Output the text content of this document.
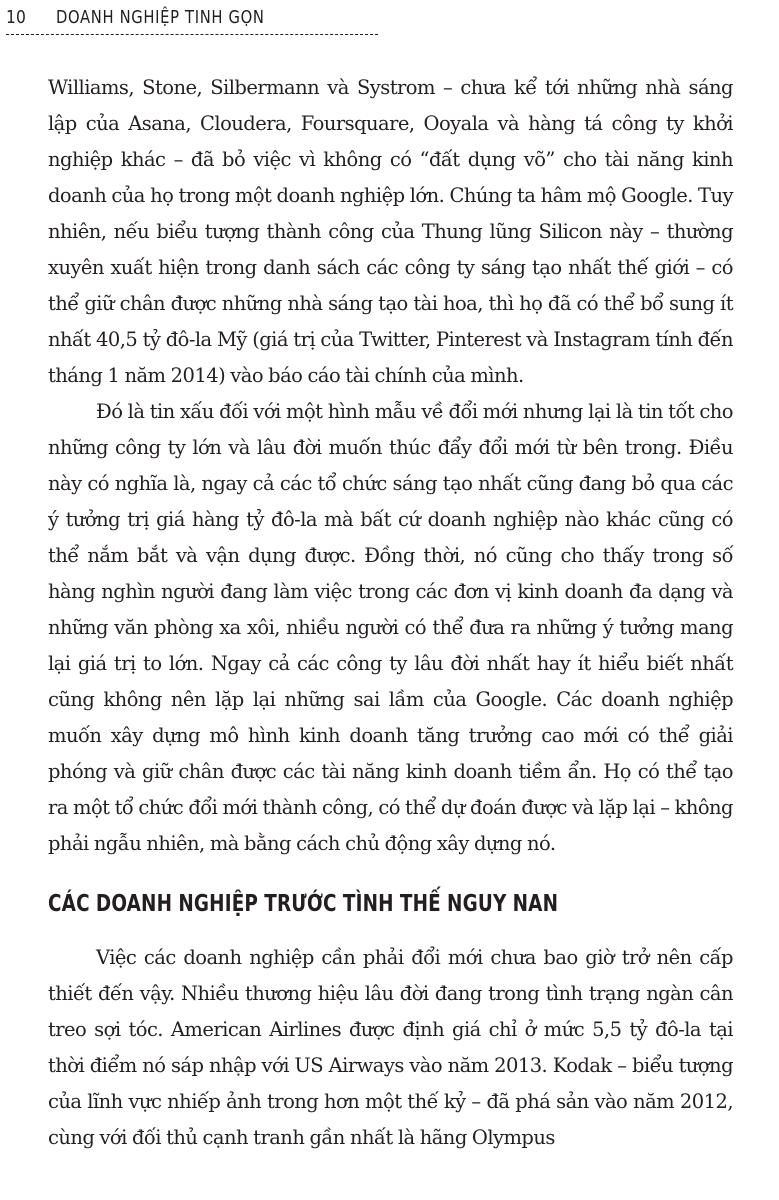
10 DOANH NGHIỆP TINH GỌN

Williams, Stone, Silbermann và Systrom – chưa kể tới những nhà sáng lập của Asana, Cloudera, Foursquare, Ooyala và hàng tá công ty khởi nghiệp khác – đã bỏ việc vì không có “đất dụng võ” cho tài năng kinh doanh của họ trong một doanh nghiệp lớn. Chúng ta hâm mộ Google. Tuy nhiên, nếu biểu tượng thành công của Thung lũng Silicon này – thường xuyên xuất hiện trong danh sách các công ty sáng tạo nhất thế giới – có thể giữ chân được những nhà sáng tạo tài hoa, thì họ đã có thể bổ sung ít nhất 40,5 tỷ đô-la Mỹ (giá trị của Twitter, Pinterest và Instagram tính đến tháng 1 năm 2014) vào báo cáo tài chính của mình.

Đó là tin xấu đối với một hình mẫu về đổi mới nhưng lại là tin tốt cho những công ty lớn và lâu đời muốn thúc đẩy đổi mới từ bên trong. Điều này có nghĩa là, ngay cả các tổ chức sáng tạo nhất cũng đang bỏ qua các ý tưởng trị giá hàng tỷ đô-la mà bất cứ doanh nghiệp nào khác cũng có thể nắm bắt và vận dụng được. Đồng thời, nó cũng cho thấy trong số hàng nghìn người đang làm việc trong các đơn vị kinh doanh đa dạng và những văn phòng xa xôi, nhiều người có thể đưa ra những ý tưởng mang lại giá trị to lớn. Ngay cả các công ty lâu đời nhất hay ít hiểu biết nhất cũng không nên lặp lại những sai lầm của Google. Các doanh nghiệp muốn xây dựng mô hình kinh doanh tăng trưởng cao mới có thể giải phóng và giữ chân được các tài năng kinh doanh tiềm ẩn. Họ có thể tạo ra một tổ chức đổi mới thành công, có thể dự đoán được và lặp lại – không phải ngẫu nhiên, mà bằng cách chủ động xây dựng nó.

CÁC DOANH NGHIỆP TRƯỚC TÌNH THẾ NGUY NAN

Việc các doanh nghiệp cần phải đổi mới chưa bao giờ trở nên cấp thiết đến vậy. Nhiều thương hiệu lâu đời đang trong tình trạng ngàn cân treo sợi tóc. American Airlines được định giá chỉ ở mức 5,5 tỷ đô-la tại thời điểm nó sáp nhập với US Airways vào năm 2013. Kodak – biểu tượng của lĩnh vực nhiếp ảnh trong hơn một thế kỷ – đã phá sản vào năm 2012, cùng với đối thủ cạnh tranh gần nhất là hãng Olympus
